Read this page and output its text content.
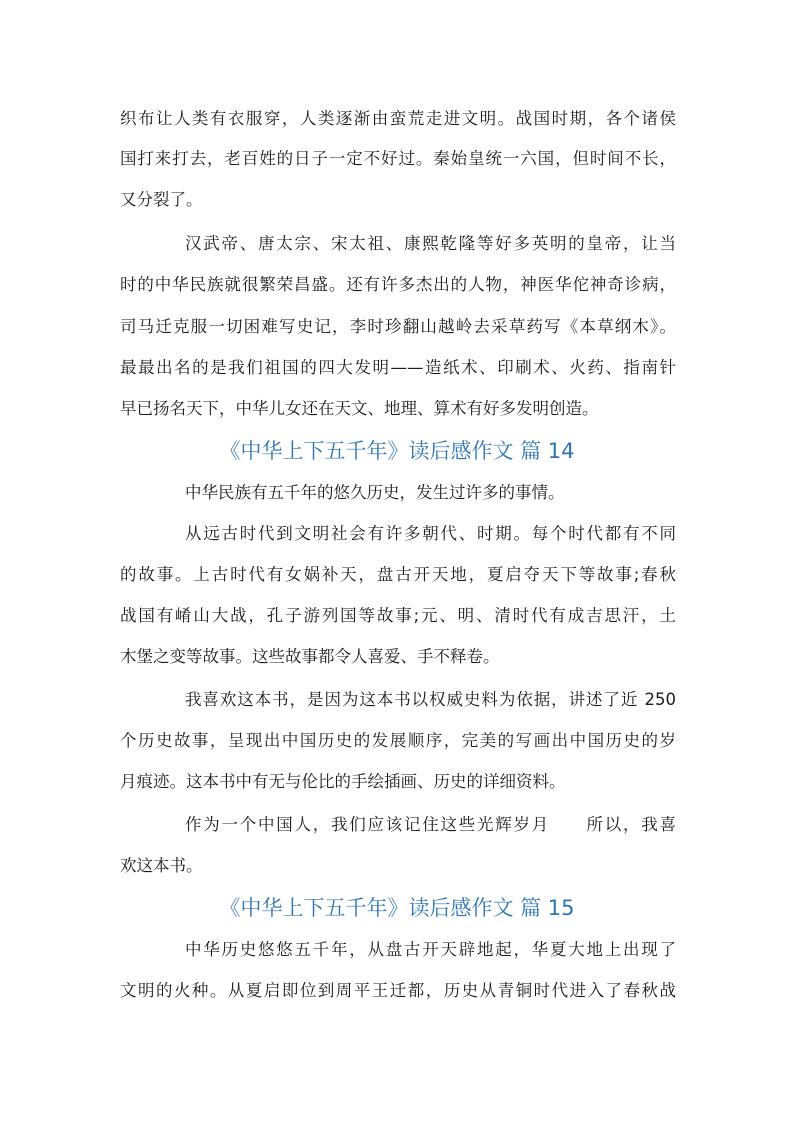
织布让人类有衣服穿，人类逐渐由蛮荒走进文明。战国时期，各个诸侯
国打来打去，老百姓的日子一定不好过。秦始皇统一六国，但时间不长，
又分裂了。
汉武帝、唐太宗、宋太祖、康熙乾隆等好多英明的皇帝，让当
时的中华民族就很繁荣昌盛。还有许多杰出的人物，神医华佗神奇诊病，
司马迁克服一切困难写史记，李时珍翻山越岭去采草药写《本草纲木》。
最最出名的是我们祖国的四大发明——造纸术、印刷术、火药、指南针
早已扬名天下，中华儿女还在天文、地理、算术有好多发明创造。
《中华上下五千年》读后感作文 篇 14
中华民族有五千年的悠久历史，发生过许多的事情。
从远古时代到文明社会有许多朝代、时期。每个时代都有不同
的故事。上古时代有女娲补天，盘古开天地，夏启夺天下等故事;春秋
战国有崤山大战，孔子游列国等故事;元、明、清时代有成吉思汗，土
木堡之变等故事。这些故事都令人喜爱、手不释卷。
我喜欢这本书，是因为这本书以权威史料为依据，讲述了近 250
个历史故事，呈现出中国历史的发展顺序，完美的写画出中国历史的岁
月痕迹。这本书中有无与伦比的手绘插画、历史的详细资料。
作为一个中国人，我们应该记住这些光辉岁月　　所以，我喜
欢这本书。
《中华上下五千年》读后感作文 篇 15
中华历史悠悠五千年，从盘古开天辟地起，华夏大地上出现了
文明的火种。从夏启即位到周平王迁都，历史从青铜时代进入了春秋战
